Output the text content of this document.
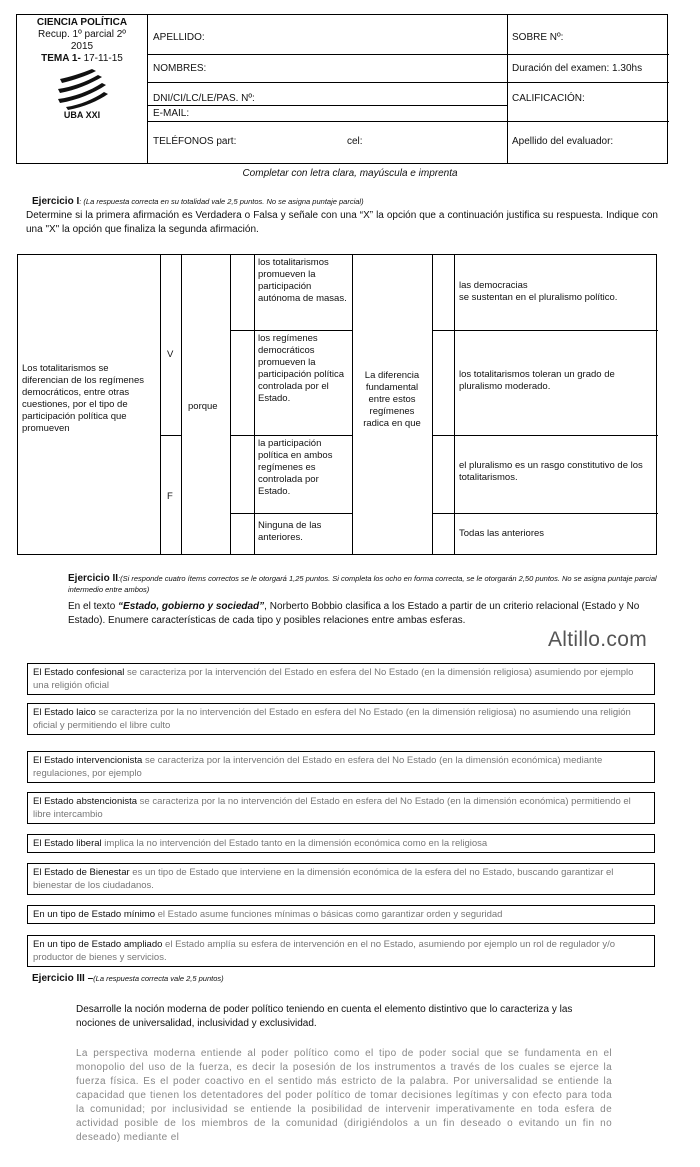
CIENCIA POLÍTICA
Recup. 1º parcial 2º
2015
TEMA 1- 17-11-15
UBA XXI
APELLIDO:
NOMBRES:
DNI/CI/LC/LE/PAS. Nº:
E-MAIL:
TELÉFONOS part:	cel:
SOBRE Nº:
Duración del examen: 1.30hs
CALIFICACIÓN:
Apellido del evaluador:
Completar con letra clara, mayúscula e imprenta
Ejercicio I: (La respuesta correcta en su totalidad vale 2,5 puntos. No se asigna puntaje parcial)
Determine si la primera afirmación es Verdadera o Falsa y señale con una “X” la opción que a continuación justifica su respuesta. Indique con una "X" la opción que finaliza la segunda afirmación.
Los totalitarismos se diferencian de los regímenes democráticos, entre otras cuestiones, por el tipo de participación política que promueven
V
F
porque
los totalitarismos promueven la participación autónoma de masas.
los regímenes democráticos promueven la participación política controlada por el Estado.
la participación política en ambos regímenes es controlada por Estado.
Ninguna de las anteriores.
La diferencia fundamental entre estos regímenes radica en que
las democracias
se sustentan en el pluralismo político.
los totalitarismos toleran un grado de pluralismo moderado.
el pluralismo es un rasgo constitutivo de los totalitarismos.
Todas las anteriores
Ejercicio II:(Si responde cuatro ítems correctos se le otorgará 1,25 puntos. Si completa los ocho en forma correcta, se le otorgarán 2,50 puntos. No se asigna puntaje parcial intermedio entre ambos)
En el texto “Estado, gobierno y sociedad”, Norberto Bobbio clasifica a los Estado a partir de un criterio relacional (Estado y No Estado). Enumere características de cada tipo y posibles relaciones entre ambas esferas.
Altillo.com
El Estado confesional se caracteriza por la intervención del Estado en esfera del No Estado (en la dimensión religiosa) asumiendo por ejemplo una religión oficial
El Estado laico se caracteriza por la no intervención del Estado en esfera del No Estado (en la dimensión religiosa) no asumiendo una religión oficial y permitiendo el libre culto
El Estado intervencionista se caracteriza por la intervención del Estado en esfera del No Estado (en la dimensión económica) mediante regulaciones, por ejemplo
El Estado abstencionista se caracteriza por la no intervención del Estado en esfera del No Estado (en la dimensión económica) permitiendo el libre intercambio
El Estado liberal implica la no intervención del Estado tanto en la dimensión económica como en la religiosa
El Estado de Bienestar es un tipo de Estado que interviene en la dimensión económica de la esfera del no Estado, buscando garantizar el bienestar de los ciudadanos.
En un tipo de Estado mínimo el Estado asume funciones mínimas o básicas como garantizar orden y seguridad
En un tipo de Estado ampliado el Estado amplía su esfera de intervención en el no Estado, asumiendo por ejemplo un rol de regulador y/o productor de bienes y servicios.
Ejercicio III –(La respuesta correcta vale 2,5 puntos)
Desarrolle la noción moderna de poder político teniendo en cuenta el elemento distintivo que lo caracteriza y las nociones de universalidad, inclusividad y exclusividad.
La perspectiva moderna entiende al poder político como el tipo de poder social que se fundamenta en el monopolio del uso de la fuerza, es decir la posesión de los instrumentos a través de los cuales se ejerce la fuerza física. Es el poder coactivo en el sentido más estricto de la palabra. Por universalidad se entiende la capacidad que tienen los detentadores del poder político de tomar decisiones legítimas y con efecto para toda la comunidad; por inclusividad se entiende la posibilidad de intervenir imperativamente en toda esfera de actividad posible de los miembros de la comunidad (dirigiéndolos a un fin deseado o evitando un fin no deseado) mediante el
